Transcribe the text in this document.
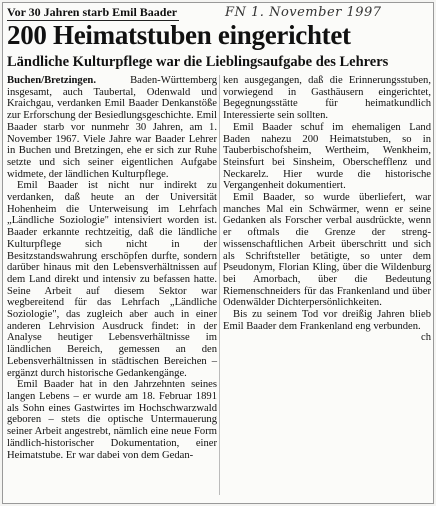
Vor 30 Jahren starb Emil Baader	FN 1. November 1997
200 Heimatstuben eingerichtet
Ländliche Kulturpflege war die Lieblingsaufgabe des Lehrers

Buchen/Bretzingen. Baden-Württemberg insgesamt, auch Taubertal, Odenwald und Kraichgau, verdanken Emil Baader Denkanstöße zur Erforschung der Besiedlungsgeschichte. Emil Baader starb vor nunmehr 30 Jahren, am 1. November 1967. Viele Jahre war Baader Lehrer in Buchen und Bretzingen, ehe er sich zur Ruhe setzte und sich seiner eigentlichen Aufgabe widmete, der ländlichen Kulturpflege.

Emil Baader ist nicht nur indirekt zu verdanken, daß heute an der Universität Hohenheim die Unterweisung im Lehrfach „Ländliche Soziologie" intensiviert worden ist. Baader erkannte rechtzeitig, daß die ländliche Kulturpflege sich nicht in der Besitzstandswahrung erschöpfen durfte, sondern darüber hinaus mit den Lebensverhältnissen auf dem Land direkt und intensiv zu befassen hatte. Seine Arbeit auf diesem Sektor war wegbereitend für das Lehrfach „Ländliche Soziologie", das zugleich aber auch in einer anderen Lehrvision Ausdruck findet: in der Analyse heutiger Lebensverhältnisse im ländlichen Bereich, gemessen an den Lebensverhältnissen in städtischen Bereichen – ergänzt durch historische Gedankengänge.

Emil Baader hat in den Jahrzehnten seines langen Lebens – er wurde am 18. Februar 1891 als Sohn eines Gastwirtes im Hochschwarzwald geboren – stets die optische Untermauerung seiner Arbeit angestrebt, nämlich eine neue Form ländlich-historischer Dokumentation, einer Heimatstube. Er war dabei von dem Gedan-

ken ausgegangen, daß die Erinnerungsstuben, vorwiegend in Gasthäusern eingerichtet, Begegnungsstätte für heimatkundlich Interessierte sein sollten.

Emil Baader schuf im ehemaligen Land Baden nahezu 200 Heimatstuben, so in Tauberbischofsheim, Wertheim, Wenkheim, Steinsfurt bei Sinsheim, Oberschefflenz und Neckarelz. Hier wurde die historische Vergangenheit dokumentiert.

Emil Baader, so wurde überliefert, war manches Mal ein Schwärmer, wenn er seine Gedanken als Forscher verbal ausdrückte, wenn er oftmals die Grenze der streng-wissenschaftlichen Arbeit überschritt und sich als Schriftsteller betätigte, so unter dem Pseudonym, Florian Kling, über die Wildenburg bei Amorbach, über die Bedeutung Riemenschneiders für das Frankenland und über Odenwälder Dichterpersönlichkeiten.

Bis zu seinem Tod vor dreißig Jahren blieb Emil Baader dem Frankenland eng verbunden.

ch
